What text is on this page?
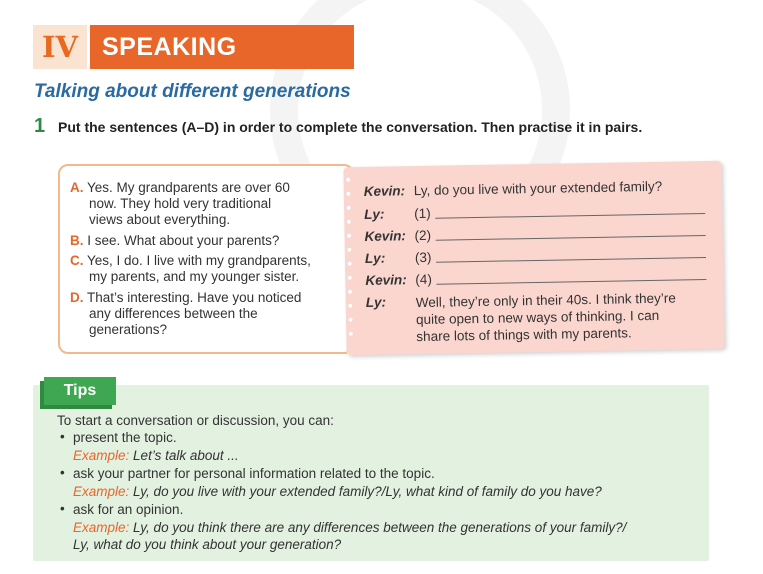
IV SPEAKING
Talking about different generations
1 Put the sentences (A–D) in order to complete the conversation. Then practise it in pairs.
A. Yes. My grandparents are over 60
now. They hold very traditional
views about everything.
B. I see. What about your parents?
C. Yes, I do. I live with my grandparents,
my parents, and my younger sister.
D. That’s interesting. Have you noticed
any differences between the
generations?
Kevin: Ly, do you live with your extended family?
Ly:	(1)
Kevin: (2)
Ly:	(3)
Kevin: (4)
Ly:	Well, they’re only in their 40s. I think they’re
quite open to new ways of thinking. I can
share lots of things with my parents.
Tips
To start a conversation or discussion, you can:
• present the topic.
Example: Let’s talk about ...
• ask your partner for personal information related to the topic.
Example: Ly, do you live with your extended family?/Ly, what kind of family do you have?
• ask for an opinion.
Example: Ly, do you think there are any differences between the generations of your family?/
Ly, what do you think about your generation?
